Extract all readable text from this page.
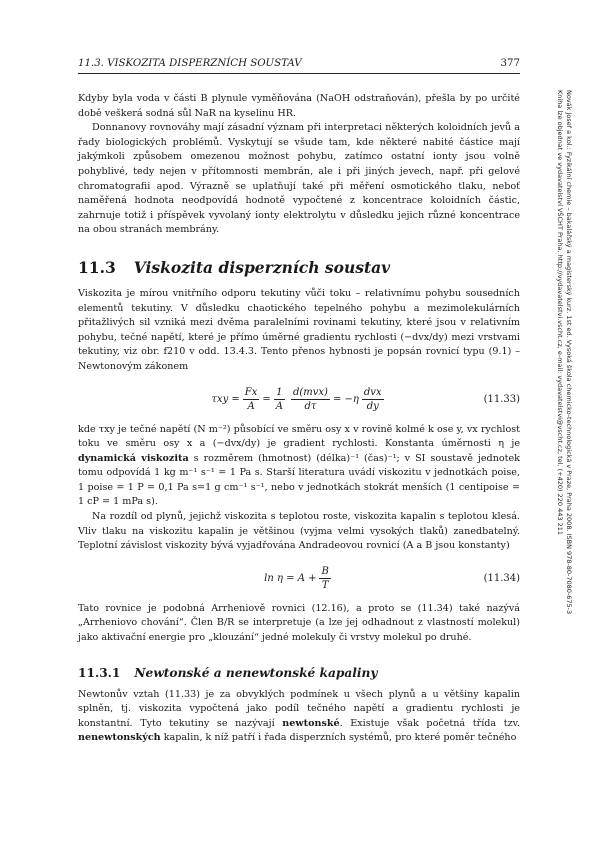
Novák Josef a kol.: Fyzikální chemie – bakalářský a magisterský kurz. 1st ed. Vysoká škola chemicko-technologická v Praze, Praha 2008. ISBN 978-80-7080-675-3
Kniha lze objednat ve vydavatelství VŠCHT Praha, http://vydavatelstvi.vscht.cz, e-mail: vydavatelstvi@vscht.cz, tel. (+420) 220 443 211
11.3. VISKOZITA DISPERZNÍCH SOUSTAV	377

Kdyby byla voda v části B plynule vyměňována (NaOH odstraňován), přešla by po určité době veškerá sodná sůl NaR na kyselinu HR.

Donnanovy rovnováhy mají zásadní význam při interpretaci některých koloidních jevů a řady biologických problémů. Vyskytují se všude tam, kde některé nabité částice mají jakýmkoli způsobem omezenou možnost pohybu, zatímco ostatní ionty jsou volně pohyblivé, tedy nejen v přítomnosti membrán, ale i při jiných jevech, např. při gelové chromatografii apod. Výrazně se uplatňují také při měření osmotického tlaku, neboť naměřená hodnota neodpovídá hodnotě vypočtené z koncentrace koloidních částic, zahrnuje totiž i příspěvek vyvolaný ionty elektrolytu v důsledku jejich různé koncentrace na obou stranách membrány.

11.3 Viskozita disperzních soustav

Viskozita je mírou vnitřního odporu tekutiny vůči toku – relativnímu pohybu sousedních elementů tekutiny. V důsledku chaotického tepelného pohybu a mezimolekulárních přitažlivých sil vzniká mezi dvěma paralelními rovinami tekutiny, které jsou v relativním pohybu, tečné napětí, které je přímo úměrné gradientu rychlosti (−dvx/dy) mezi vrstvami tekutiny, viz obr. f210 v odd. 13.4.3. Tento přenos hybnosti je popsán rovnicí typu (9.1) – Newtonovým zákonem

$\tau xy = \frac{Fx}{A} = \frac{1}{A} \frac{\text{d(mvx)}}{d\tau} = -\eta \frac{\text{dvx}}{dy}$	(11.33)

kde τxy je tečné napětí (N m⁻²) působící ve směru osy x v rovině kolmé k ose y, vx rychlost toku ve směru osy x a (−dvx/dy) je gradient rychlosti. Konstanta úměrnosti η je dynamická viskozita s rozměrem (hmotnost) (délka)⁻¹ (čas)⁻¹; v SI soustavě jednotek tomu odpovídá 1 kg m⁻¹ s⁻¹ = 1 Pa s. Starší literatura uvádí viskozitu v jednotkách poise, 1 poise = 1 P = 0,1 Pa s=1 g cm⁻¹ s⁻¹, nebo v jednotkách stokrát menších (1 centipoise = 1 cP = 1 mPa s).

Na rozdíl od plynů, jejichž viskozita s teplotou roste, viskozita kapalin s teplotou klesá. Vliv tlaku na viskozitu kapalin je většinou (vyjma velmi vysokých tlaků) zanedbatelný. Teplotní závislost viskozity bývá vyjadřována Andradeovou rovnicí (A a B jsou konstanty)

$\ln \eta = A + \frac{B}{T}$	(11.34)

Tato rovnice je podobná Arrheniově rovnici (12.16), a proto se (11.34) také nazývá „Arrheniovo chování“. Člen B/R se interpretuje (a lze jej odhadnout z vlastností molekul) jako aktivační energie pro „klouzání“ jedné molekuly či vrstvy molekul po druhé.

11.3.1 Newtonské a nenewtonské kapaliny

Newtonův vztah (11.33) je za obvyklých podmínek u všech plynů a u většiny kapalin splněn, tj. viskozita vypočtená jako podíl tečného napětí a gradientu rychlosti je konstantní. Tyto tekutiny se nazývají newtonské. Existuje však početná třída tzv. nenewtonských kapalin, k níž patří i řada disperzních systémů, pro které poměr tečného
